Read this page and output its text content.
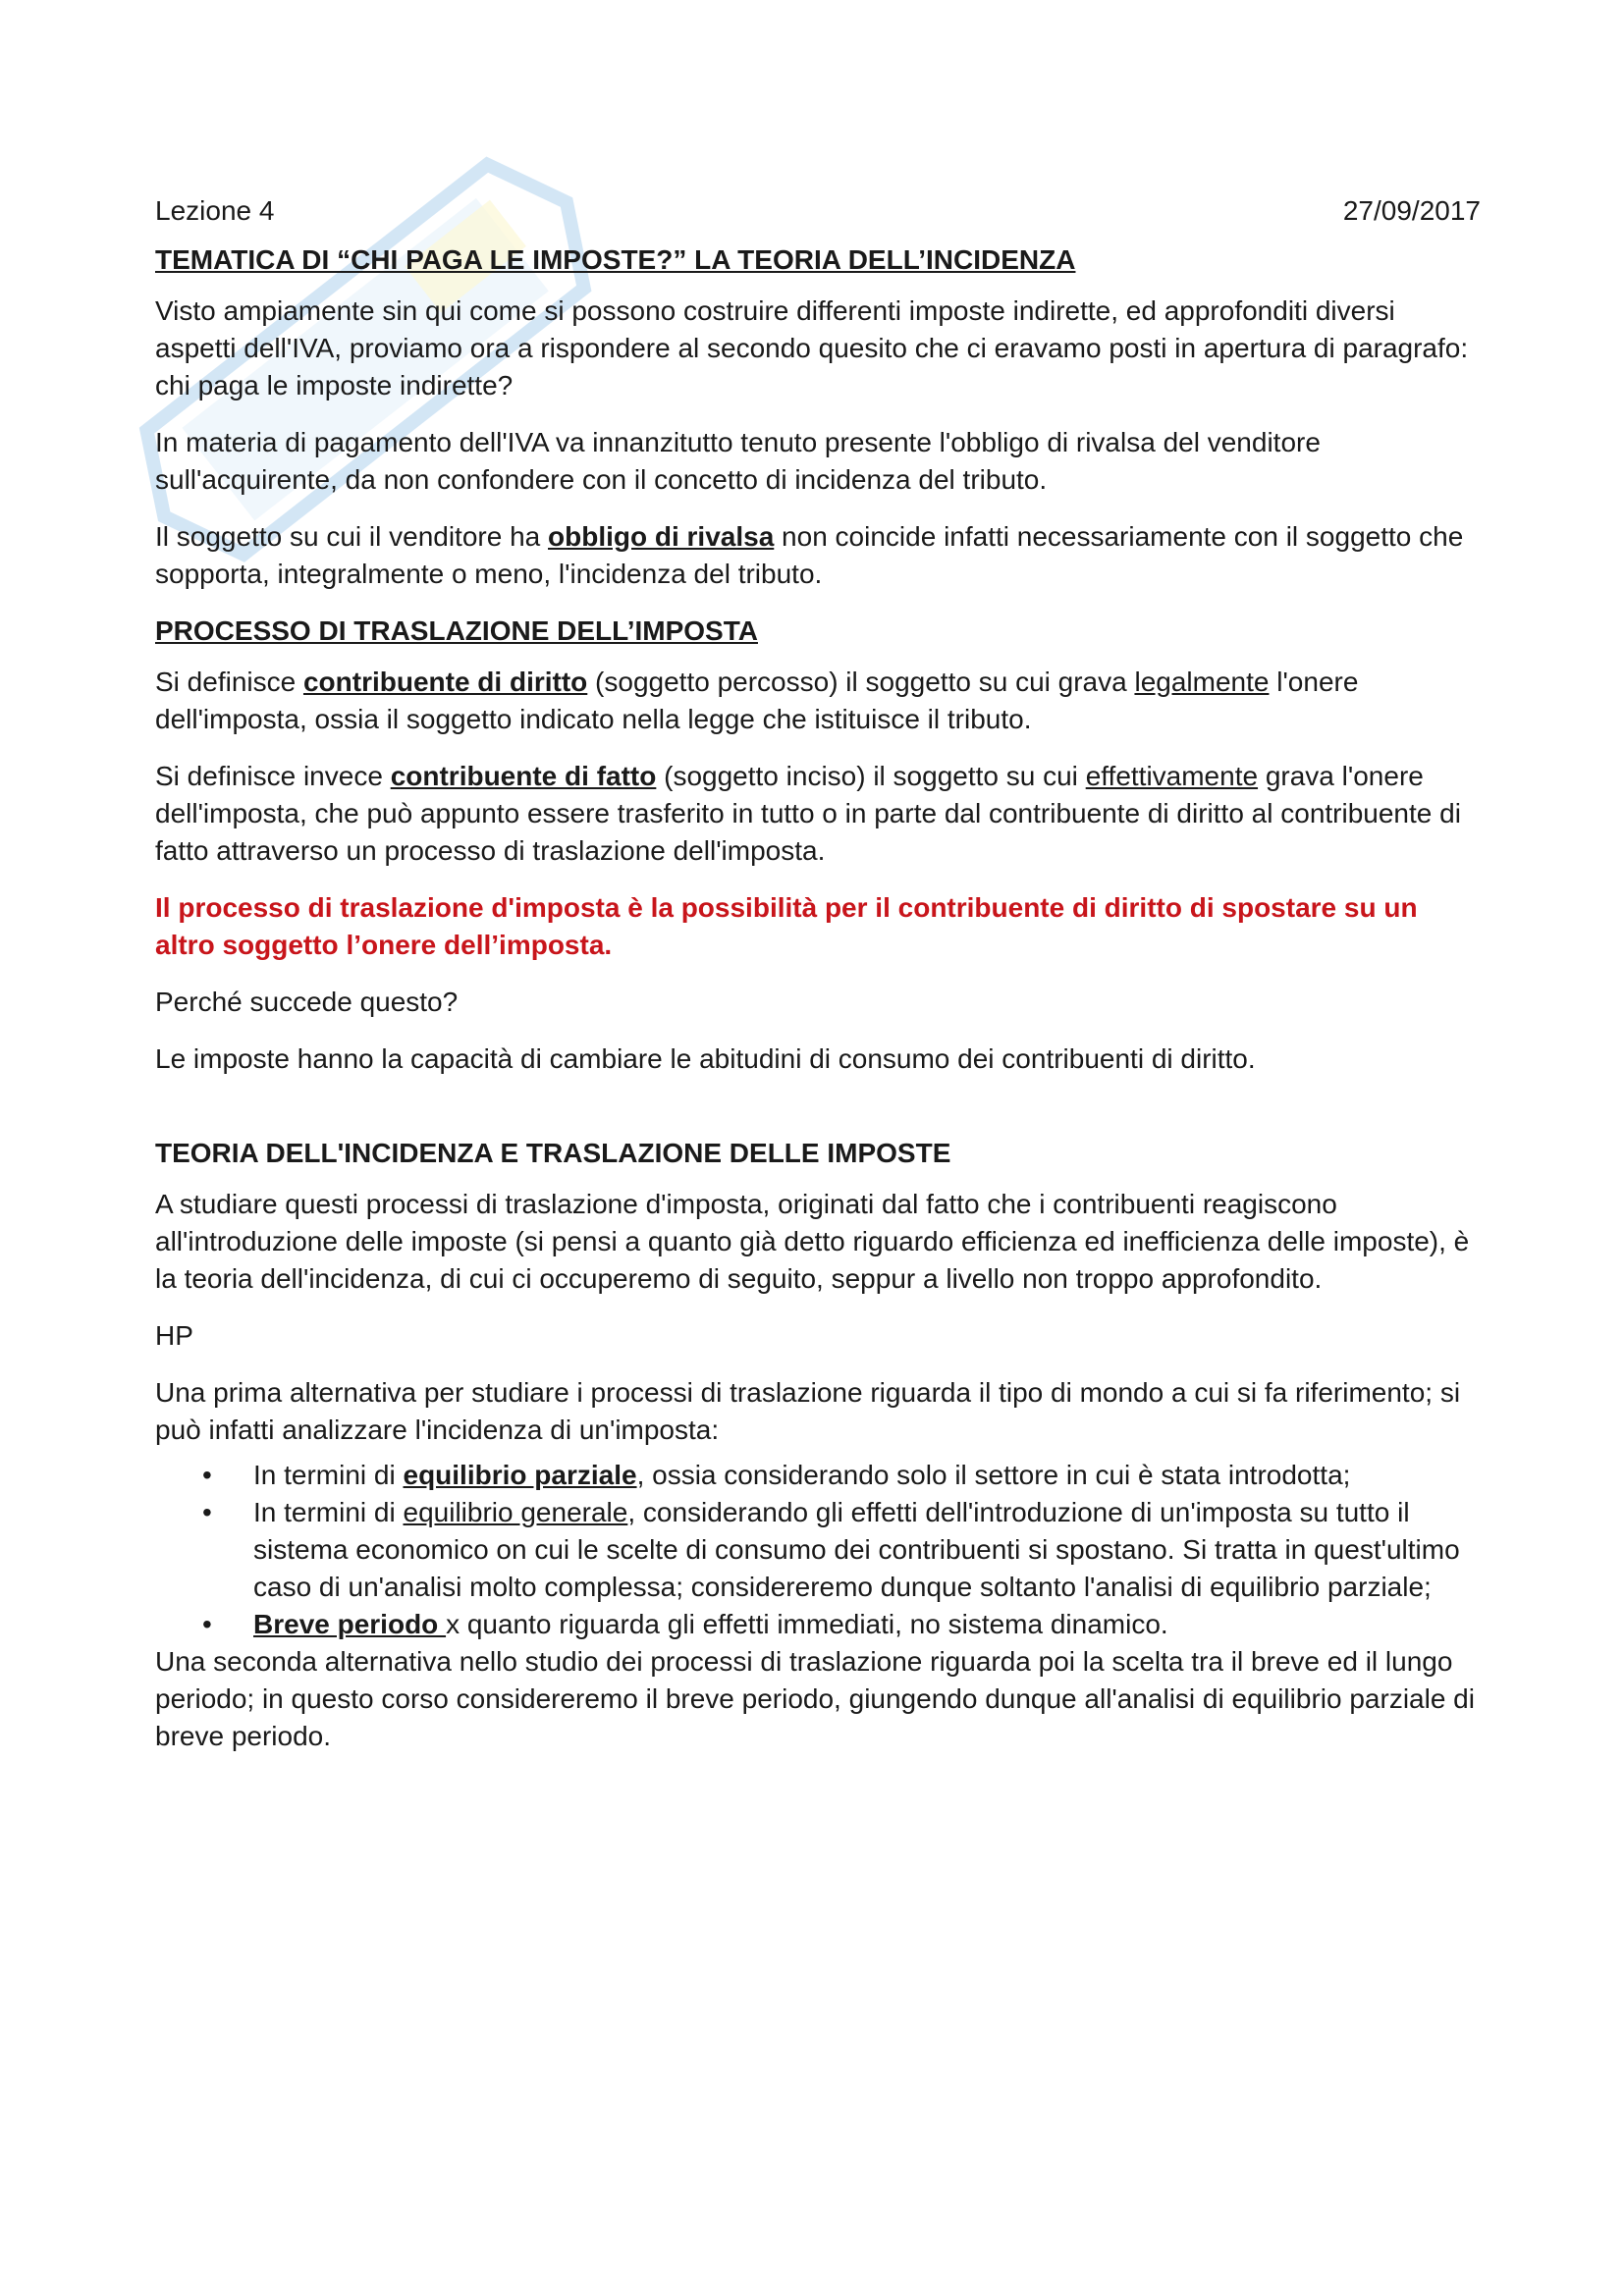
Lezione 4	27/09/2017
TEMATICA DI “CHI PAGA LE IMPOSTE?” LA TEORIA DELL’INCIDENZA

Visto ampiamente sin qui come si possono costruire differenti imposte indirette, ed approfonditi diversi aspetti dell'IVA, proviamo ora a rispondere al secondo quesito che ci eravamo posti in apertura di paragrafo: chi paga le imposte indirette?

In materia di pagamento dell'IVA va innanzitutto tenuto presente l'obbligo di rivalsa del venditore sull'acquirente, da non confondere con il concetto di incidenza del tributo.

Il soggetto su cui il venditore ha obbligo di rivalsa non coincide infatti necessariamente con il soggetto che sopporta, integralmente o meno, l'incidenza del tributo.

PROCESSO DI TRASLAZIONE DELL’IMPOSTA

Si definisce contribuente di diritto (soggetto percosso) il soggetto su cui grava legalmente l'onere dell'imposta, ossia il soggetto indicato nella legge che istituisce il tributo.

Si definisce invece contribuente di fatto (soggetto inciso) il soggetto su cui effettivamente grava l'onere dell'imposta, che può appunto essere trasferito in tutto o in parte dal contribuente di diritto al contribuente di fatto attraverso un processo di traslazione dell'imposta.

Il processo di traslazione d'imposta è la possibilità per il contribuente di diritto di spostare su un altro soggetto l’onere dell’imposta.

Perché succede questo?

Le imposte hanno la capacità di cambiare le abitudini di consumo dei contribuenti di diritto.

TEORIA DELL'INCIDENZA E TRASLAZIONE DELLE IMPOSTE

A studiare questi processi di traslazione d'imposta, originati dal fatto che i contribuenti reagiscono all'introduzione delle imposte (si pensi a quanto già detto riguardo efficienza ed inefficienza delle imposte), è la teoria dell'incidenza, di cui ci occuperemo di seguito, seppur a livello non troppo approfondito.

HP

Una prima alternativa per studiare i processi di traslazione riguarda il tipo di mondo a cui si fa riferimento; si può infatti analizzare l'incidenza di un'imposta:

• In termini di equilibrio parziale, ossia considerando solo il settore in cui è stata introdotta;
• In termini di equilibrio generale, considerando gli effetti dell'introduzione di un'imposta su tutto il sistema economico on cui le scelte di consumo dei contribuenti si spostano. Si tratta in quest'ultimo caso di un'analisi molto complessa; considereremo dunque soltanto l'analisi di equilibrio parziale;
• Breve periodo x quanto riguarda gli effetti immediati, no sistema dinamico.

Una seconda alternativa nello studio dei processi di traslazione riguarda poi la scelta tra il breve ed il lungo periodo; in questo corso considereremo il breve periodo, giungendo dunque all'analisi di equilibrio parziale di breve periodo.
